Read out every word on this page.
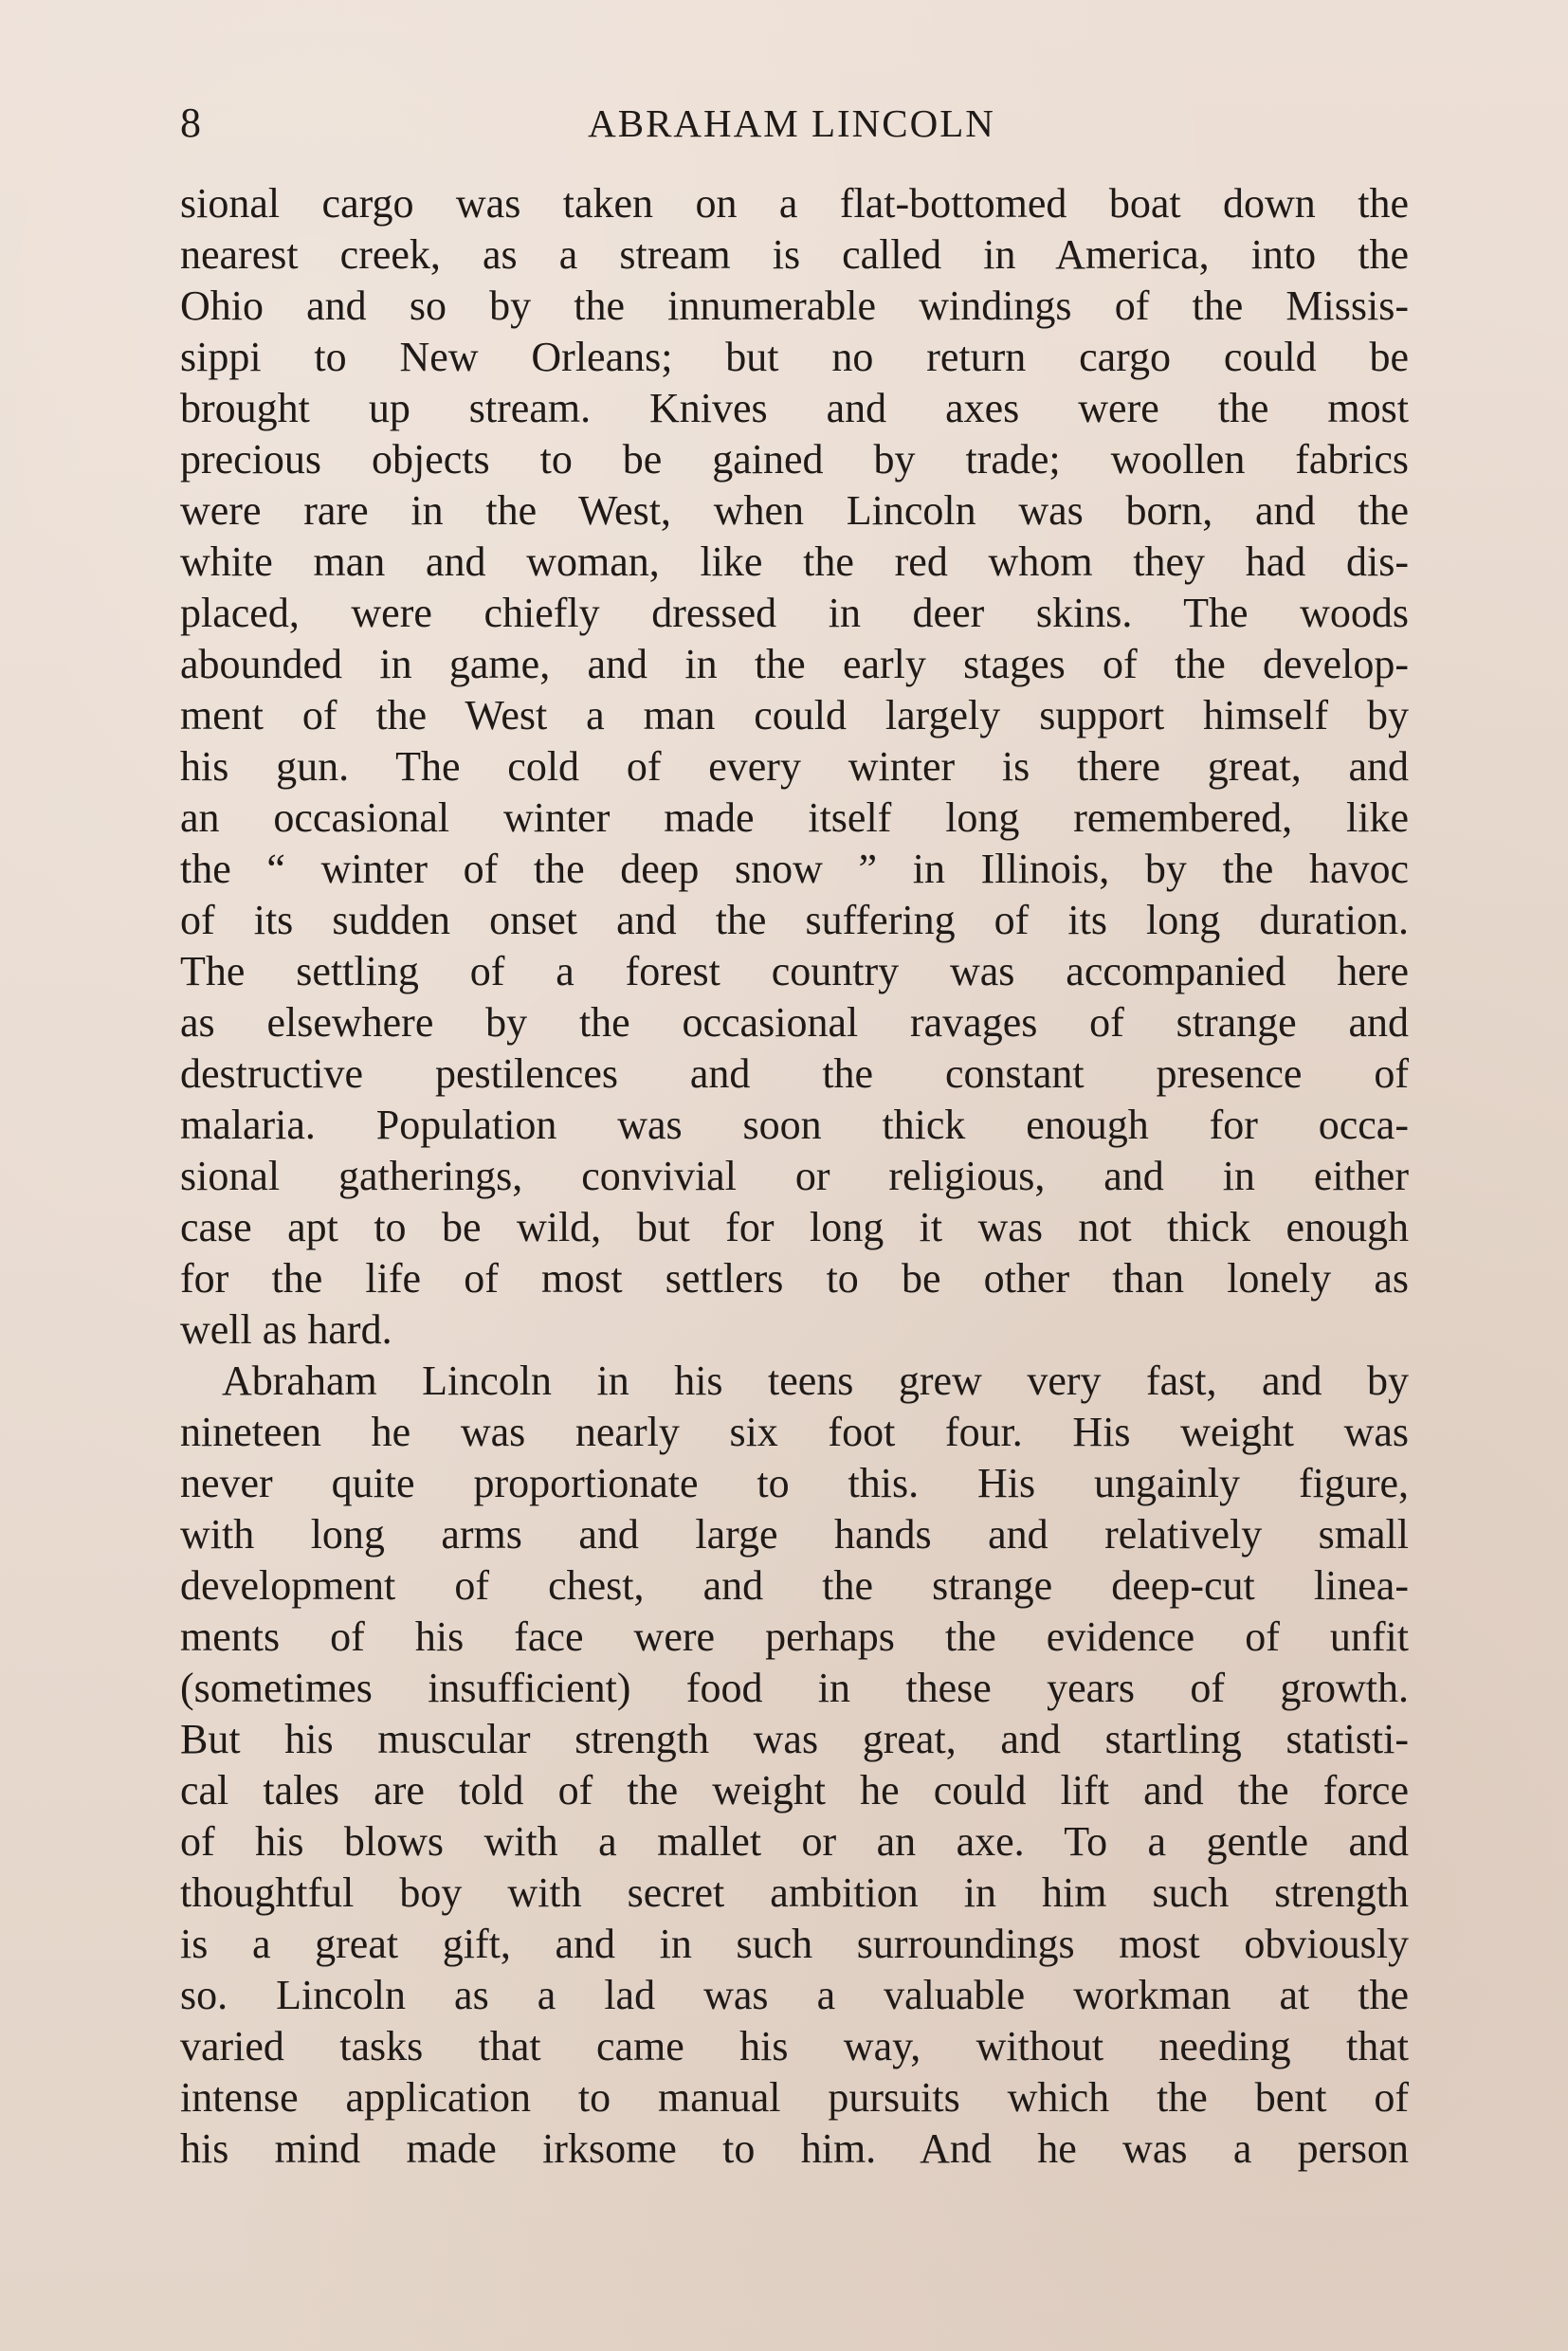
8	ABRAHAM LINCOLN
sional cargo was taken on a flat-bottomed boat down the
nearest creek, as a stream is called in America, into the
Ohio and so by the innumerable windings of the Missis-
sippi to New Orleans; but no return cargo could be
brought up stream. Knives and axes were the most
precious objects to be gained by trade; woollen fabrics
were rare in the West, when Lincoln was born, and the
white man and woman, like the red whom they had dis-
placed, were chiefly dressed in deer skins. The woods
abounded in game, and in the early stages of the develop-
ment of the West a man could largely support himself by
his gun. The cold of every winter is there great, and
an occasional winter made itself long remembered, like
the “ winter of the deep snow ” in Illinois, by the havoc
of its sudden onset and the suffering of its long duration.
The settling of a forest country was accompanied here
as elsewhere by the occasional ravages of strange and
destructive pestilences and the constant presence of
malaria. Population was soon thick enough for occa-
sional gatherings, convivial or religious, and in either
case apt to be wild, but for long it was not thick enough
for the life of most settlers to be other than lonely as
well as hard.
Abraham Lincoln in his teens grew very fast, and by
nineteen he was nearly six foot four. His weight was
never quite proportionate to this. His ungainly figure,
with long arms and large hands and relatively small
development of chest, and the strange deep-cut linea-
ments of his face were perhaps the evidence of unfit
(sometimes insufficient) food in these years of growth.
But his muscular strength was great, and startling statisti-
cal tales are told of the weight he could lift and the force
of his blows with a mallet or an axe. To a gentle and
thoughtful boy with secret ambition in him such strength
is a great gift, and in such surroundings most obviously
so. Lincoln as a lad was a valuable workman at the
varied tasks that came his way, without needing that
intense application to manual pursuits which the bent of
his mind made irksome to him. And he was a person
